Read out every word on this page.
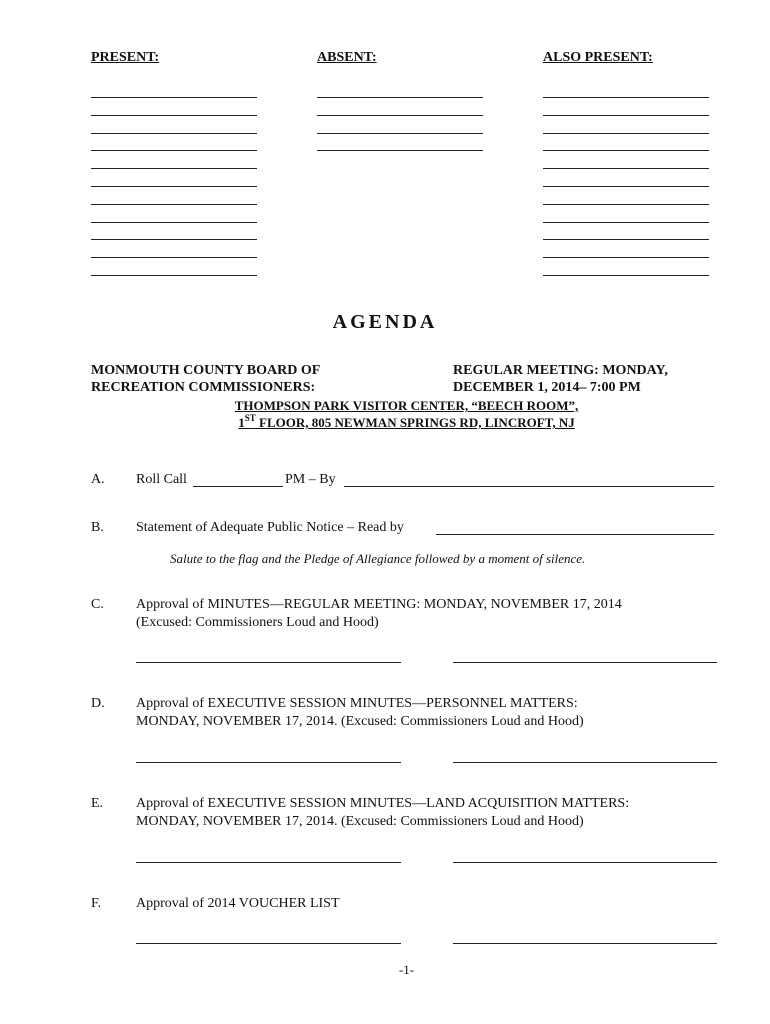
PRESENT:	ABSENT:	ALSO PRESENT:
AGENDA
MONMOUTH COUNTY BOARD OF
RECREATION COMMISSIONERS:
REGULAR MEETING: MONDAY,
DECEMBER 1, 2014– 7:00 PM
THOMPSON PARK VISITOR CENTER, “BEECH ROOM”,
1ST FLOOR, 805 NEWMAN SPRINGS RD, LINCROFT, NJ
A. Roll Call	PM – By
B. Statement of Adequate Public Notice – Read by
Salute to the flag and the Pledge of Allegiance followed by a moment of silence.
C. Approval of MINUTES—REGULAR MEETING: MONDAY, NOVEMBER 17, 2014
(Excused: Commissioners Loud and Hood)
D. Approval of EXECUTIVE SESSION MINUTES—PERSONNEL MATTERS:
MONDAY, NOVEMBER 17, 2014. (Excused: Commissioners Loud and Hood)
E. Approval of EXECUTIVE SESSION MINUTES—LAND ACQUISITION MATTERS:
MONDAY, NOVEMBER 17, 2014. (Excused: Commissioners Loud and Hood)
F. Approval of 2014 VOUCHER LIST
-1-
